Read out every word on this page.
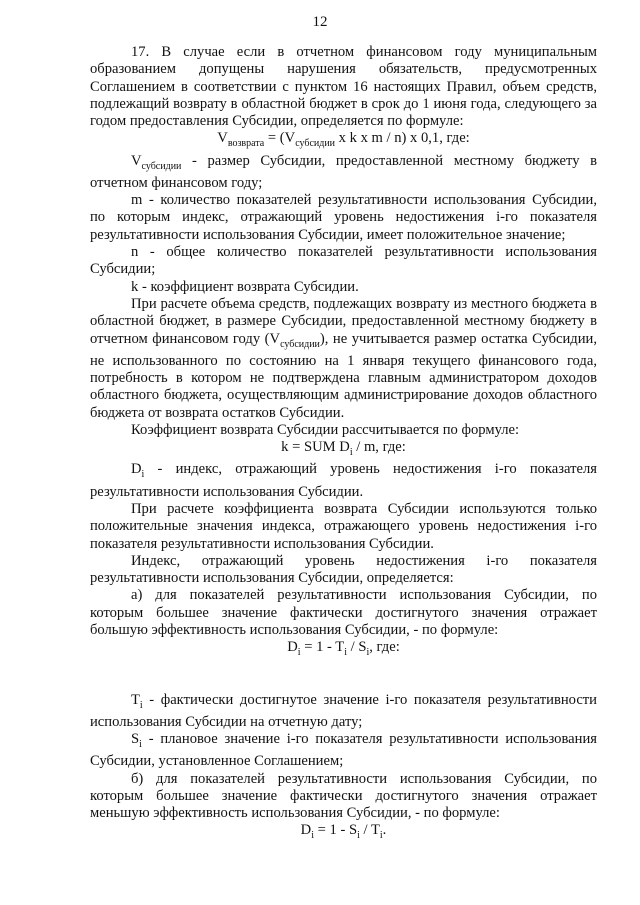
12

17. В случае если в отчетном финансовом году муниципальным образованием допущены нарушения обязательств, предусмотренных Соглашением в соответствии с пунктом 16 настоящих Правил, объем средств, подлежащий возврату в областной бюджет в срок до 1 июня года, следующего за годом предоставления Субсидии, определяется по формуле:

$V_{возврата} = (V_{субсидии}$ x k x m / n) x 0,1, где:

$V_{субсидии}$ - размер Субсидии, предоставленной местному бюджету в отчетном финансовом году;

m - количество показателей результативности использования Субсидии, по которым индекс, отражающий уровень недостижения i-го показателя результативности использования Субсидии, имеет положительное значение;

n - общее количество показателей результативности использования Субсидии;

k - коэффициент возврата Субсидии.

При расчете объема средств, подлежащих возврату из местного бюджета в областной бюджет, в размере Субсидии, предоставленной местному бюджету в отчетном финансовом году $(V_{субсидии})$, не учитывается размер остатка Субсидии, не использованного по состоянию на 1 января текущего финансового года, потребность в котором не подтверждена главным администратором доходов областного бюджета, осуществляющим администрирование доходов областного бюджета от возврата остатков Субсидии.

Коэффициент возврата Субсидии рассчитывается по формуле:

k = SUM $D_i$ / m, где:

$D_i$ - индекс, отражающий уровень недостижения i-го показателя результативности использования Субсидии.

При расчете коэффициента возврата Субсидии используются только положительные значения индекса, отражающего уровень недостижения i-го показателя результативности использования Субсидии.

Индекс, отражающий уровень недостижения i-го показателя результативности использования Субсидии, определяется:

а) для показателей результативности использования Субсидии, по которым большее значение фактически достигнутого значения отражает большую эффективность использования Субсидии, - по формуле:

$D_i = 1 - T_i / S_i$, где:

$T_i$ - фактически достигнутое значение i-го показателя результативности использования Субсидии на отчетную дату;

$S_i$ - плановое значение i-го показателя результативности использования Субсидии, установленное Соглашением;

б) для показателей результативности использования Субсидии, по которым большее значение фактически достигнутого значения отражает меньшую эффективность использования Субсидии, - по формуле:

$D_i = 1 - S_i / T_i$.
